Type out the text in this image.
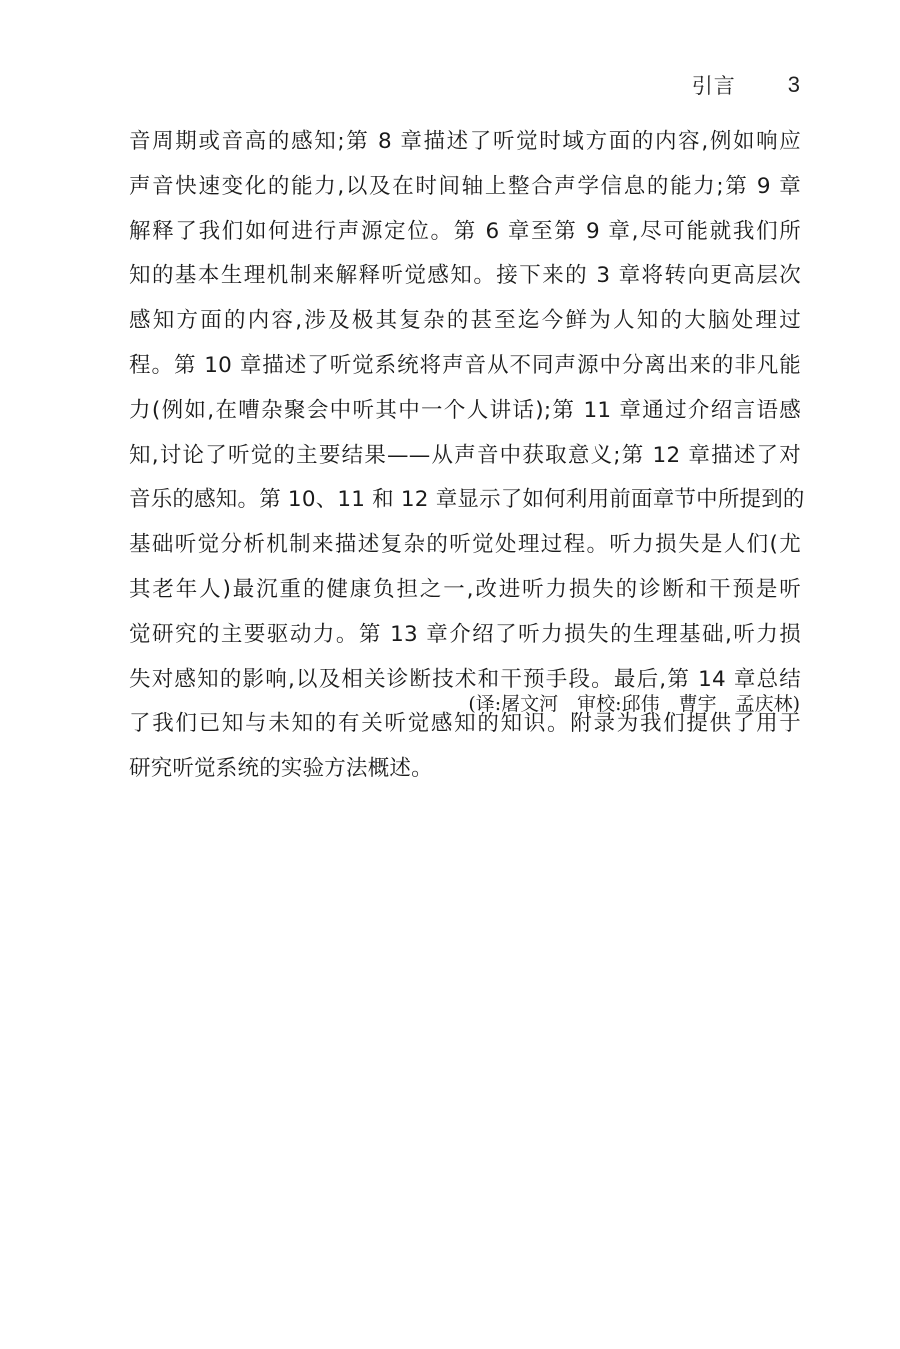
引言 3
音周期或音高的感知;第 8 章描述了听觉时域方面的内容,例如响应
声音快速变化的能力,以及在时间轴上整合声学信息的能力;第 9 章
解释了我们如何进行声源定位。第 6 章至第 9 章,尽可能就我们所
知的基本生理机制来解释听觉感知。接下来的 3 章将转向更高层次
感知方面的内容,涉及极其复杂的甚至迄今鲜为人知的大脑处理过
程。第 10 章描述了听觉系统将声音从不同声源中分离出来的非凡能
力(例如,在嘈杂聚会中听其中一个人讲话);第 11 章通过介绍言语感
知,讨论了听觉的主要结果——从声音中获取意义;第 12 章描述了对
音乐的感知。第 10、11 和 12 章显示了如何利用前面章节中所提到的
基础听觉分析机制来描述复杂的听觉处理过程。听力损失是人们(尤
其老年人)最沉重的健康负担之一,改进听力损失的诊断和干预是听
觉研究的主要驱动力。第 13 章介绍了听力损失的生理基础,听力损
失对感知的影响,以及相关诊断技术和干预手段。最后,第 14 章总结
了我们已知与未知的有关听觉感知的知识。附录为我们提供了用于
研究听觉系统的实验方法概述。
(译:屠文河　审校:邱伟　曹宇　孟庆林)
